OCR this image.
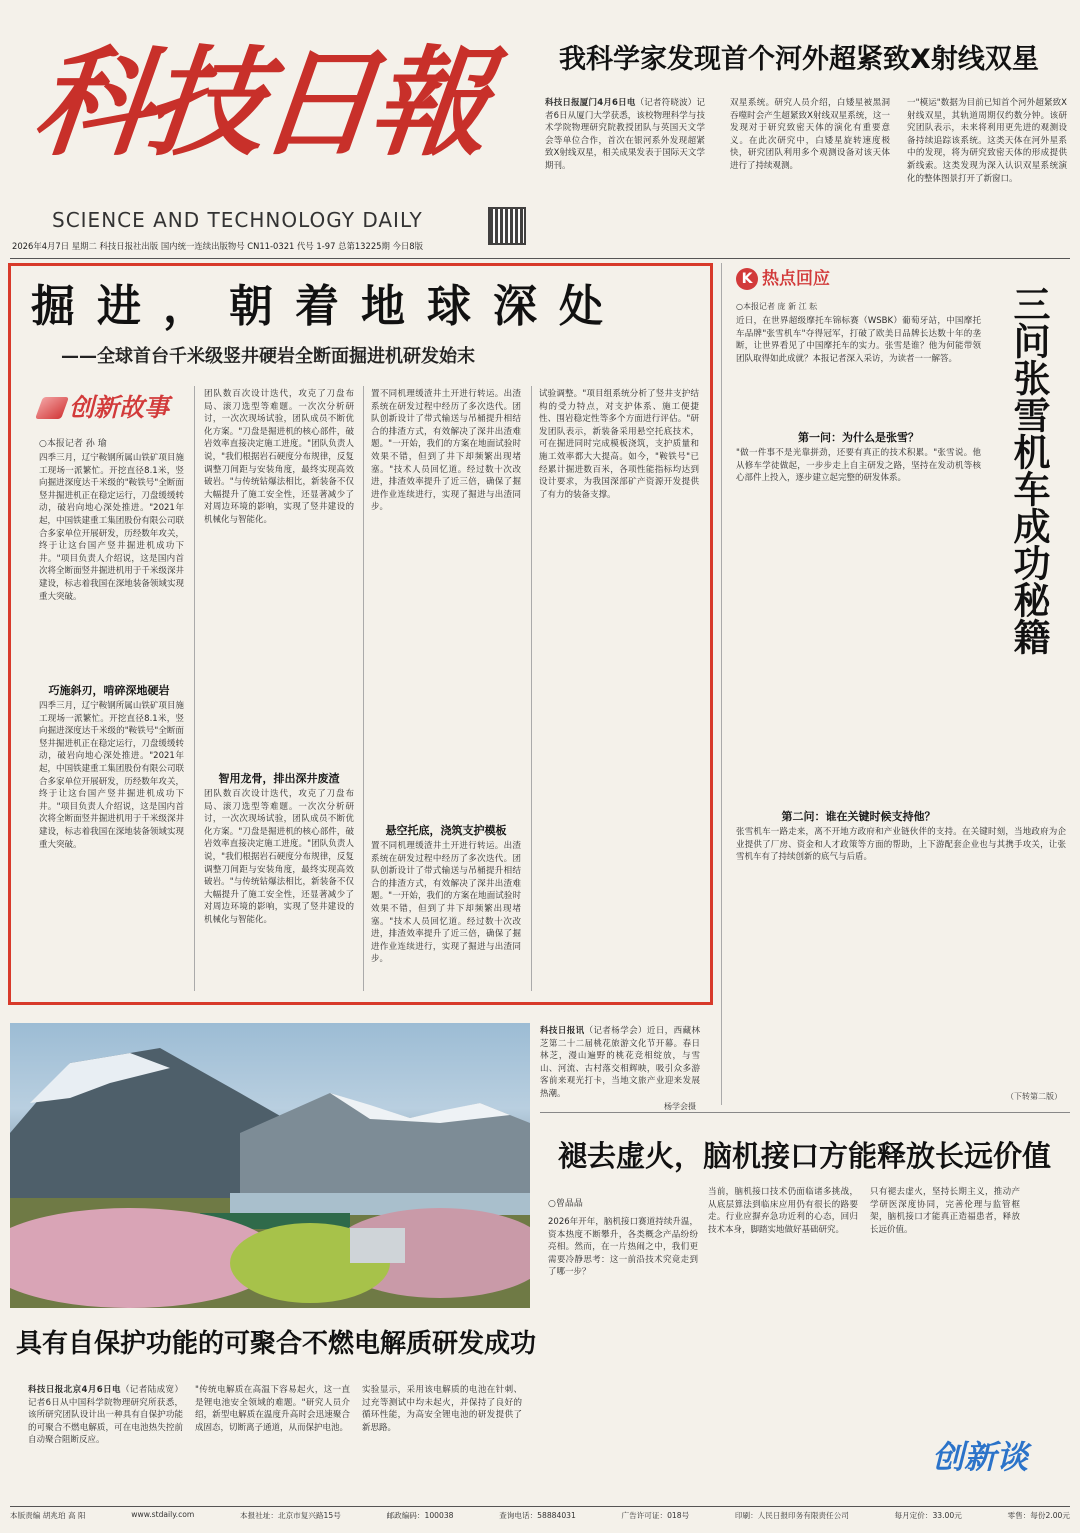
科技日報
SCIENCE AND TECHNOLOGY DAILY
2026年4月7日 星期二 科技日报社出版 国内统一连续出版物号 CN11-0321 代号 1-97 总第13225期 今日8版
我科学家发现首个河外超紧致X射线双星
科技日报厦门4月6日电（记者符晓波）记者6日从厦门大学获悉，该校物理科学与技术学院物理研究院教授团队与英国天文学会等单位合作，首次在银河系外发现超紧致X射线双星，相关成果发表于国际天文学期刊。
双星系统。研究人员介绍，白矮星被黑洞吞噬时会产生超紧致X射线双星系统，这一发现对于研究致密天体的演化有重要意义。在此次研究中，白矮星旋转速度极快，研究团队利用多个观测设备对该天体进行了持续观测。
一"模运"数据为目前已知首个河外超紧致X射线双星，其轨道周期仅约数分钟。该研究团队表示，未来将利用更先进的观测设备持续追踪该系统。这类天体在河外星系中的发现，将为研究致密天体的形成提供新线索。这类发现为深入认识双星系统演化的整体图景打开了新窗口。
掘进，朝着地球深处
——全球首台千米级竖井硬岩全断面掘进机研发始末
创新故事
○本报记者 孙 瑜
四季三月，辽宁鞍钢所属山铁矿项目施工现场一派繁忙。开挖直径8.1米，竖向掘进深度达千米级的"鞍铁号"全断面竖井掘进机正在稳定运行，刀盘缓缓转动，破岩向地心深处推进。"2021年起，中国铁建重工集团股份有限公司联合多家单位开展研发，历经数年攻关，终于让这台国产竖井掘进机成功下井。"项目负责人介绍说，这是国内首次将全断面竖井掘进机用于千米级深井建设，标志着我国在深地装备领域实现重大突破。
巧施斜刃，啃碎深地硬岩
四季三月，辽宁鞍钢所属山铁矿项目施工现场一派繁忙。开挖直径8.1米，竖向掘进深度达千米级的"鞍铁号"全断面竖井掘进机正在稳定运行，刀盘缓缓转动，破岩向地心深处推进。"2021年起，中国铁建重工集团股份有限公司联合多家单位开展研发，历经数年攻关，终于让这台国产竖井掘进机成功下井。"项目负责人介绍说，这是国内首次将全断面竖井掘进机用于千米级深井建设，标志着我国在深地装备领域实现重大突破。
团队数百次设计迭代，攻克了刀盘布局、滚刀选型等难题。一次次分析研讨，一次次现场试验，团队成员不断优化方案。"刀盘是掘进机的核心部件，破岩效率直接决定施工进度。"团队负责人说，"我们根据岩石硬度分布规律，反复调整刀间距与安装角度，最终实现高效破岩。"与传统钻爆法相比，新装备不仅大幅提升了施工安全性，还显著减少了对周边环境的影响，实现了竖井建设的机械化与智能化。
智用龙骨，排出深井废渣
团队数百次设计迭代，攻克了刀盘布局、滚刀选型等难题。一次次分析研讨，一次次现场试验，团队成员不断优化方案。"刀盘是掘进机的核心部件，破岩效率直接决定施工进度。"团队负责人说，"我们根据岩石硬度分布规律，反复调整刀间距与安装角度，最终实现高效破岩。"与传统钻爆法相比，新装备不仅大幅提升了施工安全性，还显著减少了对周边环境的影响，实现了竖井建设的机械化与智能化。
置不同机理缓渣井土开进行转运。出渣系统在研发过程中经历了多次迭代。团队创新设计了带式输送与吊桶提升相结合的排渣方式，有效解决了深井出渣难题。"一开始，我们的方案在地面试验时效果不错，但到了井下却频繁出现堵塞。"技术人员回忆道。经过数十次改进，排渣效率提升了近三倍，确保了掘进作业连续进行，实现了掘进与出渣同步。
悬空托底，浇筑支护模板
置不同机理缓渣井土开进行转运。出渣系统在研发过程中经历了多次迭代。团队创新设计了带式输送与吊桶提升相结合的排渣方式，有效解决了深井出渣难题。"一开始，我们的方案在地面试验时效果不错，但到了井下却频繁出现堵塞。"技术人员回忆道。经过数十次改进，排渣效率提升了近三倍，确保了掘进作业连续进行，实现了掘进与出渣同步。
试验调整。"项目组系统分析了竖井支护结构的受力特点，对支护体系、施工便捷性、围岩稳定性等多个方面进行评估。"研发团队表示，新装备采用悬空托底技术，可在掘进同时完成模板浇筑，支护质量和施工效率都大大提高。如今，"鞍铁号"已经累计掘进数百米，各项性能指标均达到设计要求，为我国深部矿产资源开发提供了有力的装备支撑。
K 热点回应
○本报记者 庞 新 江 耘
近日，在世界超级摩托车锦标赛（WSBK）葡萄牙站，中国摩托车品牌"张雪机车"夺得冠军，打破了欧美日品牌长达数十年的垄断，让世界看见了中国摩托车的实力。张雪是谁？他为何能带领团队取得如此成就？本报记者深入采访，为读者一一解答。
第一问：为什么是张雪？
"做一件事不是光靠拼劲，还要有真正的技术积累。"张雪说。他从修车学徒做起，一步步走上自主研发之路，坚持在发动机等核心部件上投入，逐步建立起完整的研发体系。
第二问：谁在关键时候支持他？
张雪机车一路走来，离不开地方政府和产业链伙伴的支持。在关键时刻，当地政府为企业提供了厂房、资金和人才政策等方面的帮助，上下游配套企业也与其携手攻关，让张雪机车有了持续创新的底气与后盾。
（下转第二版）
三问张雪机车成功秘籍
科技日报讯（记者杨学会）近日，西藏林芝第二十二届桃花旅游文化节开幕。春日林芝，漫山遍野的桃花竞相绽放，与雪山、河流、古村落交相辉映，吸引众多游客前来观光打卡，当地文旅产业迎来发展热潮。
杨学会摄
褪去虚火，脑机接口方能释放长远价值
○曾晶晶
2026年开年，脑机接口赛道持续升温，资本热度不断攀升，各类概念产品纷纷亮相。然而，在一片热闹之中，我们更需要冷静思考：这一前沿技术究竟走到了哪一步？
当前，脑机接口技术仍面临诸多挑战，从底层算法到临床应用仍有很长的路要走。行业应摒弃急功近利的心态，回归技术本身，脚踏实地做好基础研究。
只有褪去虚火，坚持长期主义，推动产学研医深度协同，完善伦理与监管框架，脑机接口才能真正造福患者，释放长远价值。
创新谈
具有自保护功能的可聚合不燃电解质研发成功
科技日报北京4月6日电（记者陆成宽）记者6日从中国科学院物理研究所获悉，该所研究团队设计出一种具有自保护功能的可聚合不燃电解质，可在电池热失控前自动聚合阻断反应。
"传统电解质在高温下容易起火，这一直是锂电池安全领域的难题。"研究人员介绍，新型电解质在温度升高时会迅速聚合成固态，切断离子通道，从而保护电池。
实验显示，采用该电解质的电池在针刺、过充等测试中均未起火，并保持了良好的循环性能，为高安全锂电池的研发提供了新思路。
本版责编 胡兆珀 高 阳	www.stdaily.com	本报社址：北京市复兴路15号	邮政编码：100038	查询电话：58884031	广告许可证：018号	印刷：人民日报印务有限责任公司	每月定价：33.00元	零售：每份2.00元
